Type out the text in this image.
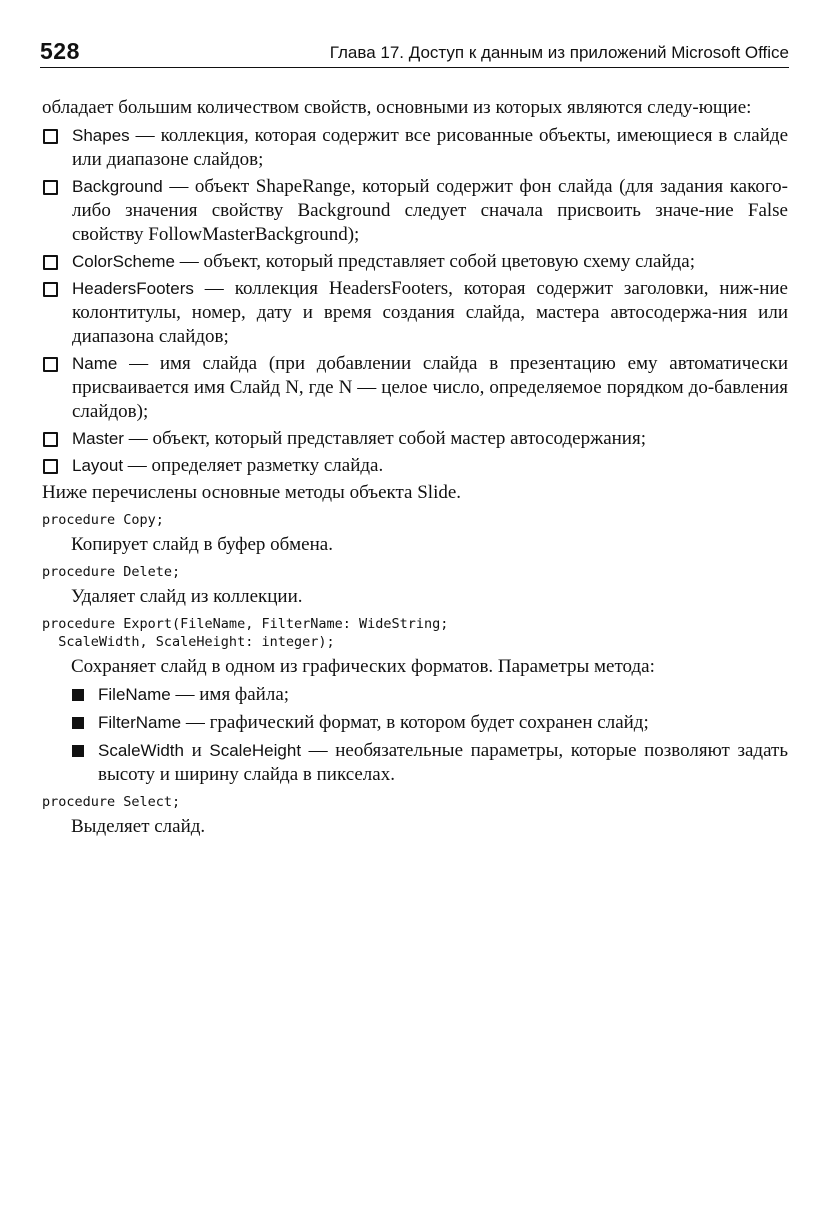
528	Глава 17. Доступ к данным из приложений Microsoft Office

обладает большим количеством свойств, основными из которых являются следу-ющие:

Shapes — коллекция, которая содержит все рисованные объекты, имеющиеся в слайде или диапазоне слайдов;
Background — объект ShapeRange, который содержит фон слайда (для задания какого-либо значения свойству Background следует сначала присвоить значе-ние False свойству FollowMasterBackground);
ColorScheme — объект, который представляет собой цветовую схему слайда;
HeadersFooters — коллекция HeadersFooters, которая содержит заголовки, ниж-ние колонтитулы, номер, дату и время создания слайда, мастера автосодержа-ния или диапазона слайдов;
Name — имя слайда (при добавлении слайда в презентацию ему автоматически присваивается имя Слайд N, где N — целое число, определяемое порядком до-бавления слайдов);
Master — объект, который представляет собой мастер автосодержания;
Layout — определяет разметку слайда.

Ниже перечислены основные методы объекта Slide.

procedure Copy;

Копирует слайд в буфер обмена.

procedure Delete;

Удаляет слайд из коллекции.

procedure Export(FileName, FilterName: WideString;
ScaleWidth, ScaleHeight: integer);

Сохраняет слайд в одном из графических форматов. Параметры метода:

FileName — имя файла;
FilterName — графический формат, в котором будет сохранен слайд;
ScaleWidth и ScaleHeight — необязательные параметры, которые позволяют задать высоту и ширину слайда в пикселах.
procedure Select;

Выделяет слайд.
